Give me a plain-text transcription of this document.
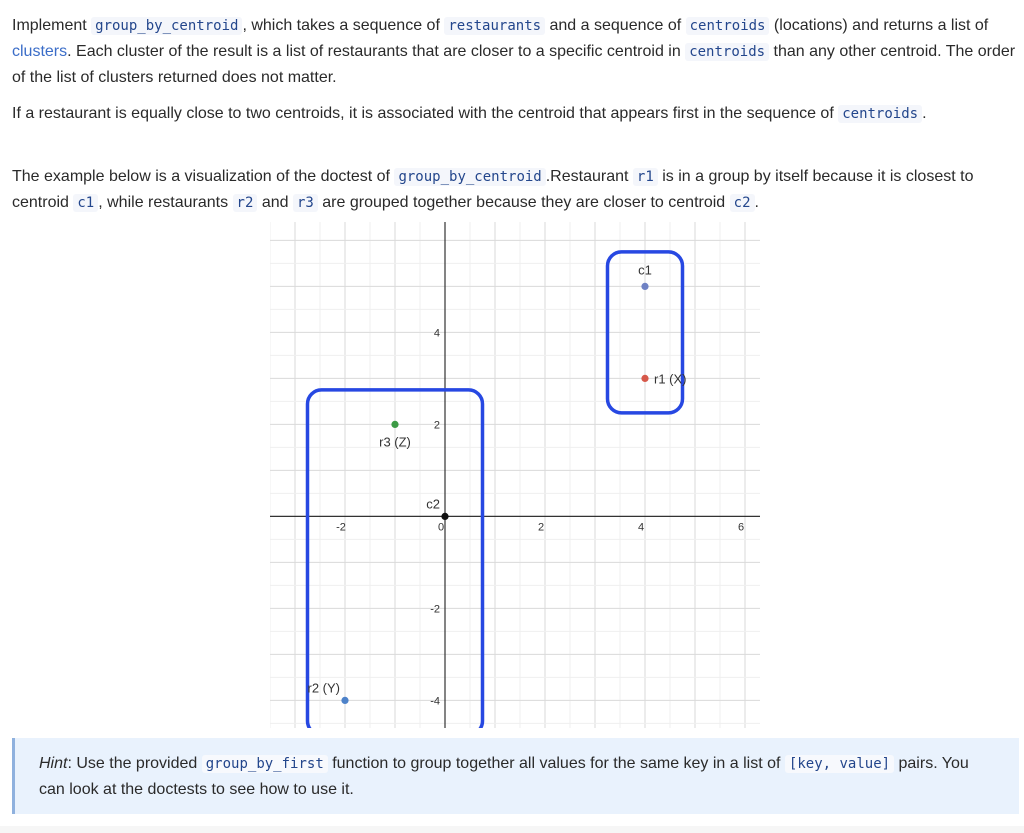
Implement group_by_centroid , which takes a sequence of restaurants and a sequence of centroids (locations) and returns a list of clusters. Each cluster of the result is a list of restaurants that are closer to a specific centroid in centroids than any other centroid. The order of the list of clusters returned does not matter.

If a restaurant is equally close to two centroids, it is associated with the centroid that appears first in the sequence of centroids .

The example below is a visualization of the doctest of group_by_centroid .Restaurant r1 is in a group by itself because it is closest to centroid c1 , while restaurants r2 and r3 are grouped together because they are closer to centroid c2 .

-2	0	2	4	6
4
2
-2
-4
c1
r1 (X)
r3 (Z)
c2
r2 (Y)
Hint: Use the provided group_by_first function to group together all values for the same key in a list of [key, value] pairs. You can look at the doctests to see how to use it.
